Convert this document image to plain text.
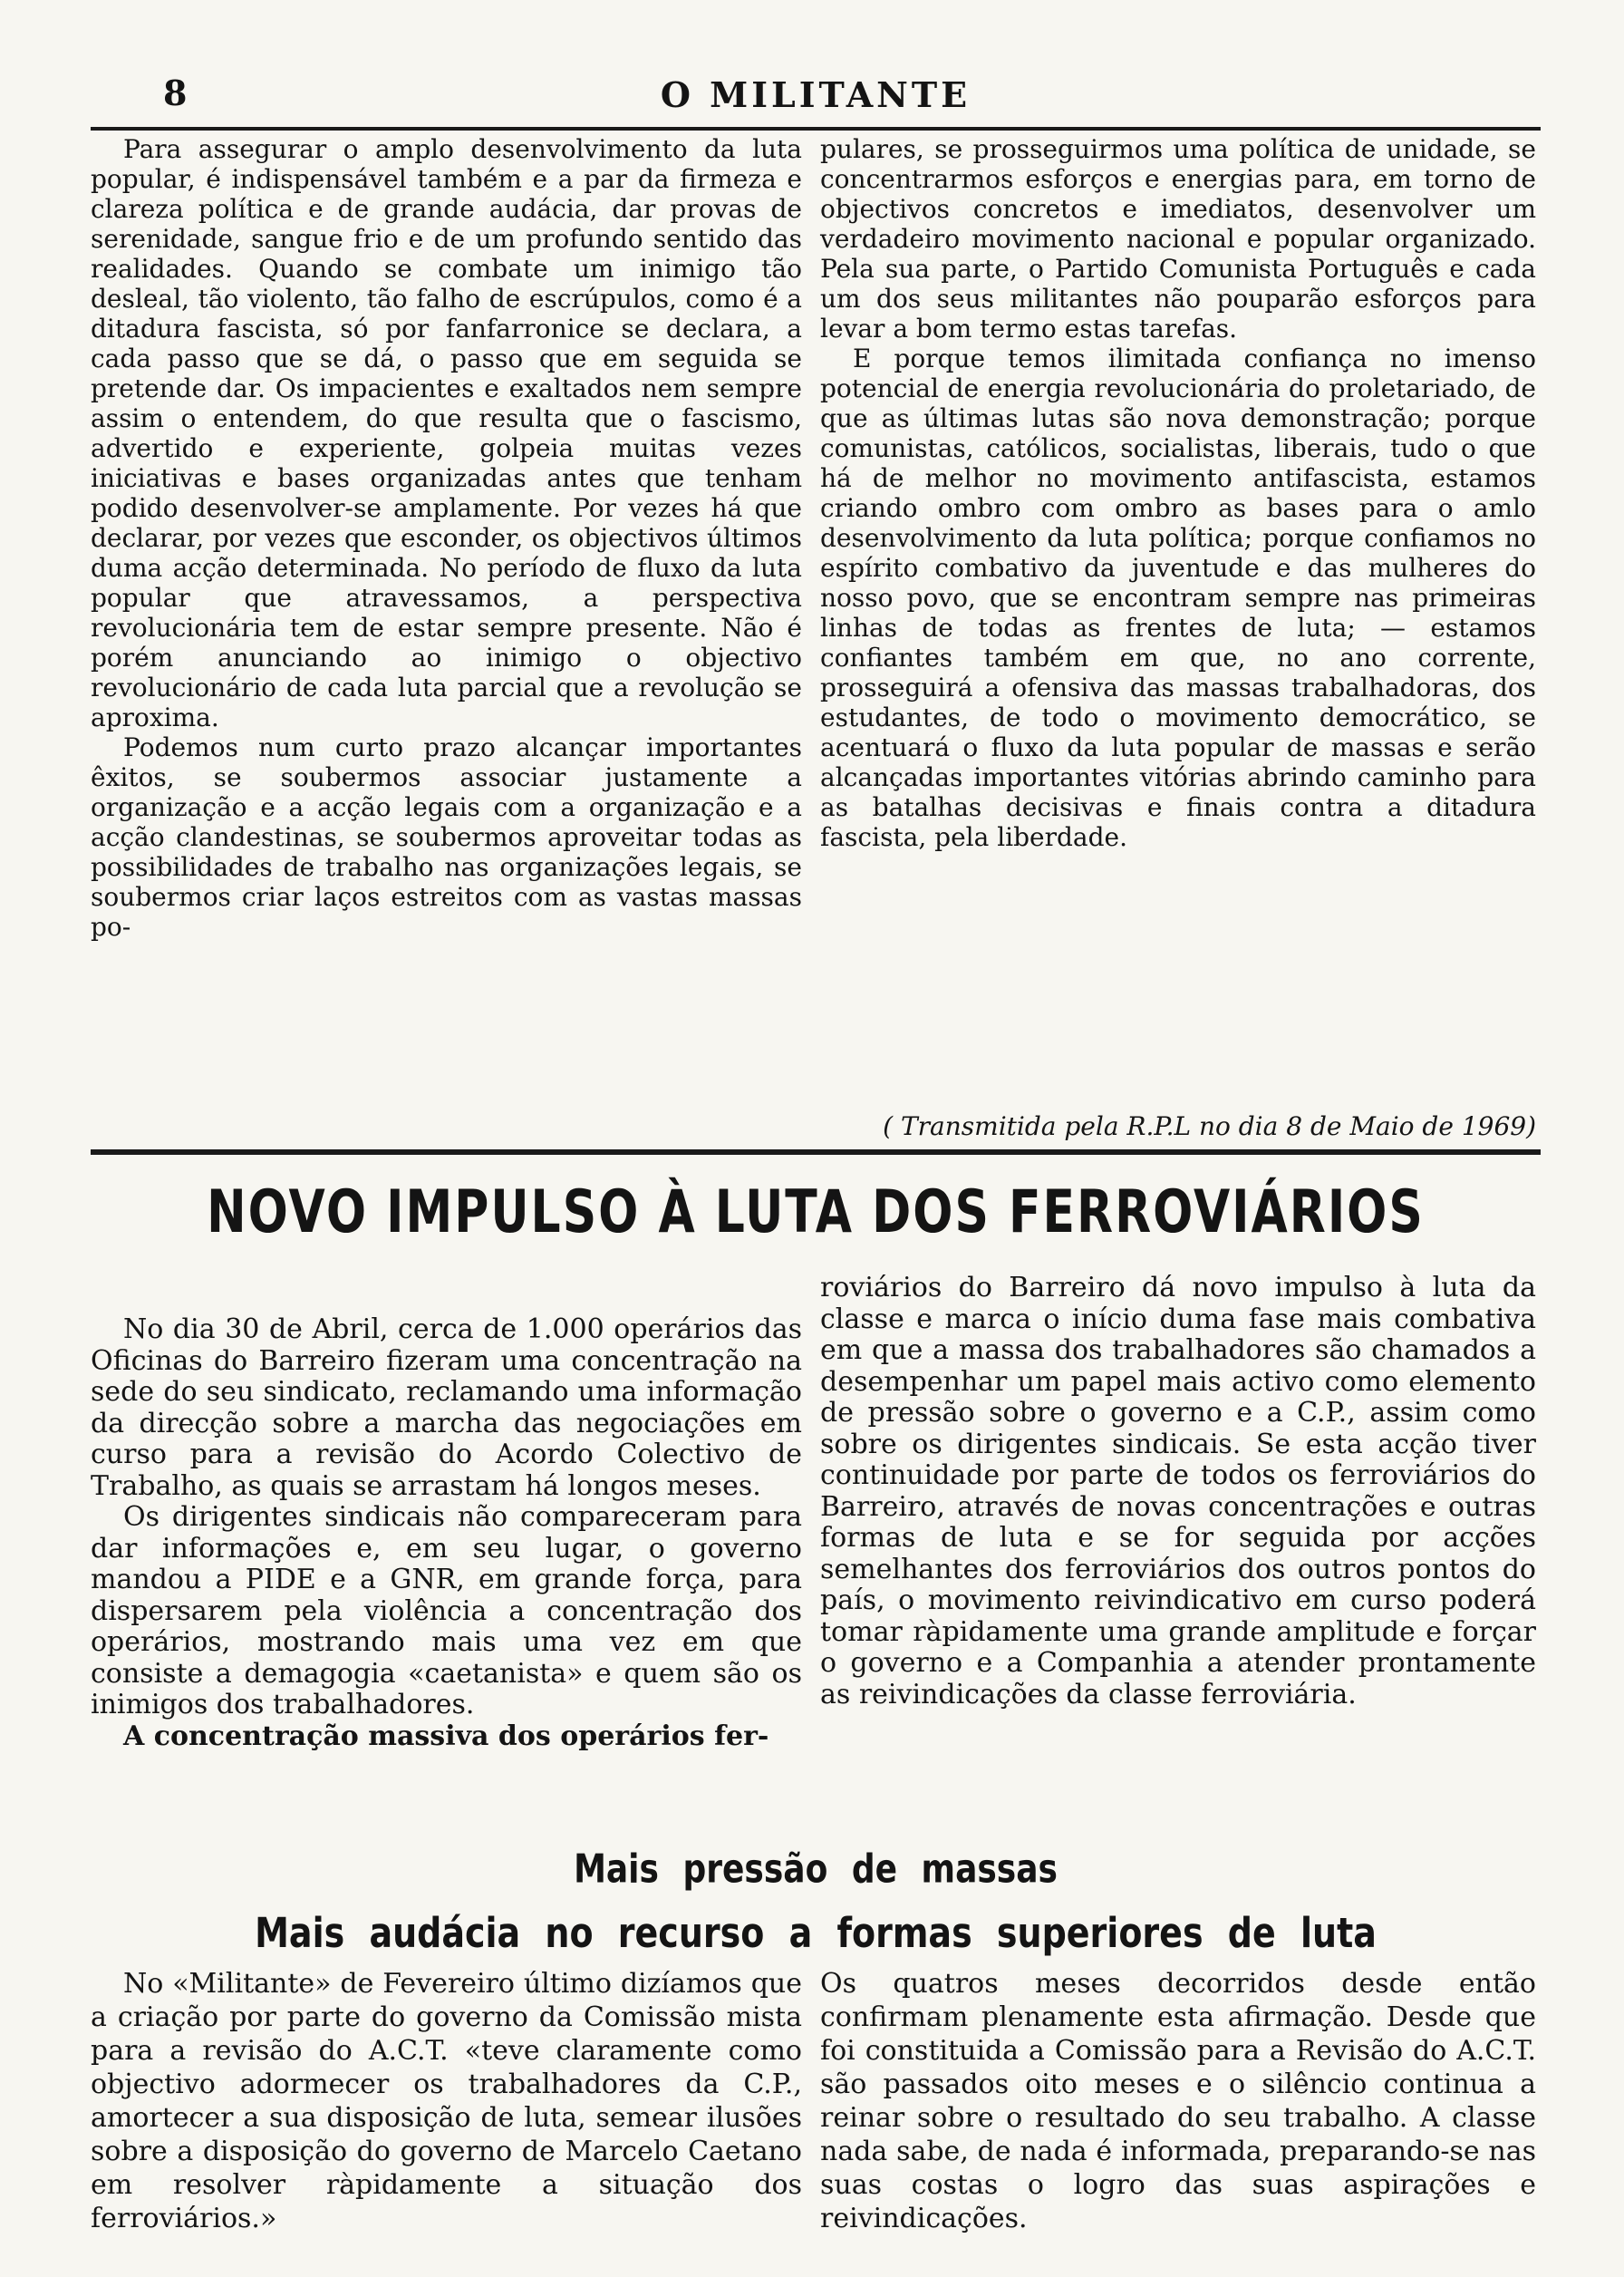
8	O MILITANTE

Para assegurar o amplo desenvolvimento da luta popular, é indispensável também e a par da firmeza e clareza política e de grande audácia, dar provas de serenidade, sangue frio e de um profundo sentido das realidades. Quando se combate um inimigo tão desleal, tão violento, tão falho de escrúpulos, como é a ditadura fascista, só por fanfarronice se declara, a cada passo que se dá, o passo que em seguida se pretende dar. Os impacientes e exaltados nem sempre assim o entendem, do que resulta que o fascismo, advertido e experiente, golpeia muitas vezes iniciativas e bases organizadas antes que tenham podido desenvolver-se amplamente. Por vezes há que declarar, por vezes que esconder, os objectivos últimos duma acção determinada. No período de fluxo da luta popular que atravessamos, a perspectiva revolucionária tem de estar sempre presente. Não é porém anunciando ao inimigo o objectivo revolucionário de cada luta parcial que a revolução se aproxima.

Podemos num curto prazo alcançar importantes êxitos, se soubermos associar justamente a organização e a acção legais com a organização e a acção clandestinas, se soubermos aproveitar todas as possibilidades de trabalho nas organizações legais, se soubermos criar laços estreitos com as vastas massas po-

pulares, se prosseguirmos uma política de unidade, se concentrarmos esforços e energias para, em torno de objectivos concretos e imediatos, desenvolver um verdadeiro movimento nacional e popular organizado. Pela sua parte, o Partido Comunista Português e cada um dos seus militantes não pouparão esforços para levar a bom termo estas tarefas.

E porque temos ilimitada confiança no imenso potencial de energia revolucionária do proletariado, de que as últimas lutas são nova demonstração; porque comunistas, católicos, socialistas, liberais, tudo o que há de melhor no movimento antifascista, estamos criando ombro com ombro as bases para o amlo desenvolvimento da luta política; porque confiamos no espírito combativo da juventude e das mulheres do nosso povo, que se encontram sempre nas primeiras linhas de todas as frentes de luta; — estamos confiantes também em que, no ano corrente, prosseguirá a ofensiva das massas trabalhadoras, dos estudantes, de todo o movimento democrático, se acentuará o fluxo da luta popular de massas e serão alcançadas importantes vitórias abrindo caminho para as batalhas decisivas e finais contra a ditadura fascista, pela liberdade.

( Transmitida pela R.P.L no dia 8 de Maio de 1969)
NOVO IMPULSO À LUTA DOS FERROVIÁRIOS

No dia 30 de Abril, cerca de 1.000 operários das Oficinas do Barreiro fizeram uma concentração na sede do seu sindicato, reclamando uma informação da direcção sobre a marcha das negociações em curso para a revisão do Acordo Colectivo de Trabalho, as quais se arrastam há longos meses.

Os dirigentes sindicais não compareceram para dar informações e, em seu lugar, o governo mandou a PIDE e a GNR, em grande força, para dispersarem pela violência a concentração dos operários, mostrando mais uma vez em que consiste a demagogia «caetanista» e quem são os inimigos dos trabalhadores.

A concentração massiva dos operários fer-

roviários do Barreiro dá novo impulso à luta da classe e marca o início duma fase mais combativa em que a massa dos trabalhadores são chamados a desempenhar um papel mais activo como elemento de pressão sobre o governo e a C.P., assim como sobre os dirigentes sindicais. Se esta acção tiver continuidade por parte de todos os ferroviários do Barreiro, através de novas concentrações e outras formas de luta e se for seguida por acções semelhantes dos ferroviários dos outros pontos do país, o movimento reivindicativo em curso poderá tomar ràpidamente uma grande amplitude e forçar o governo e a Companhia a atender prontamente as reivindicações da classe ferroviária.

Mais pressão de massas
Mais audácia no recurso a formas superiores de luta

No «Militante» de Fevereiro último dizíamos que a criação por parte do governo da Comissão mista para a revisão do A.C.T. «teve claramente como objectivo adormecer os trabalhadores da C.P., amortecer a sua disposição de luta, semear ilusões sobre a disposição do governo de Marcelo Caetano em resolver ràpidamente a situação dos ferroviários.»

Os quatros meses decorridos desde então confirmam plenamente esta afirmação. Desde que foi constituida a Comissão para a Revisão do A.C.T. são passados oito meses e o silêncio continua a reinar sobre o resultado do seu trabalho. A classe nada sabe, de nada é informada, preparando-se nas suas costas o logro das suas aspirações e reivindicações.
